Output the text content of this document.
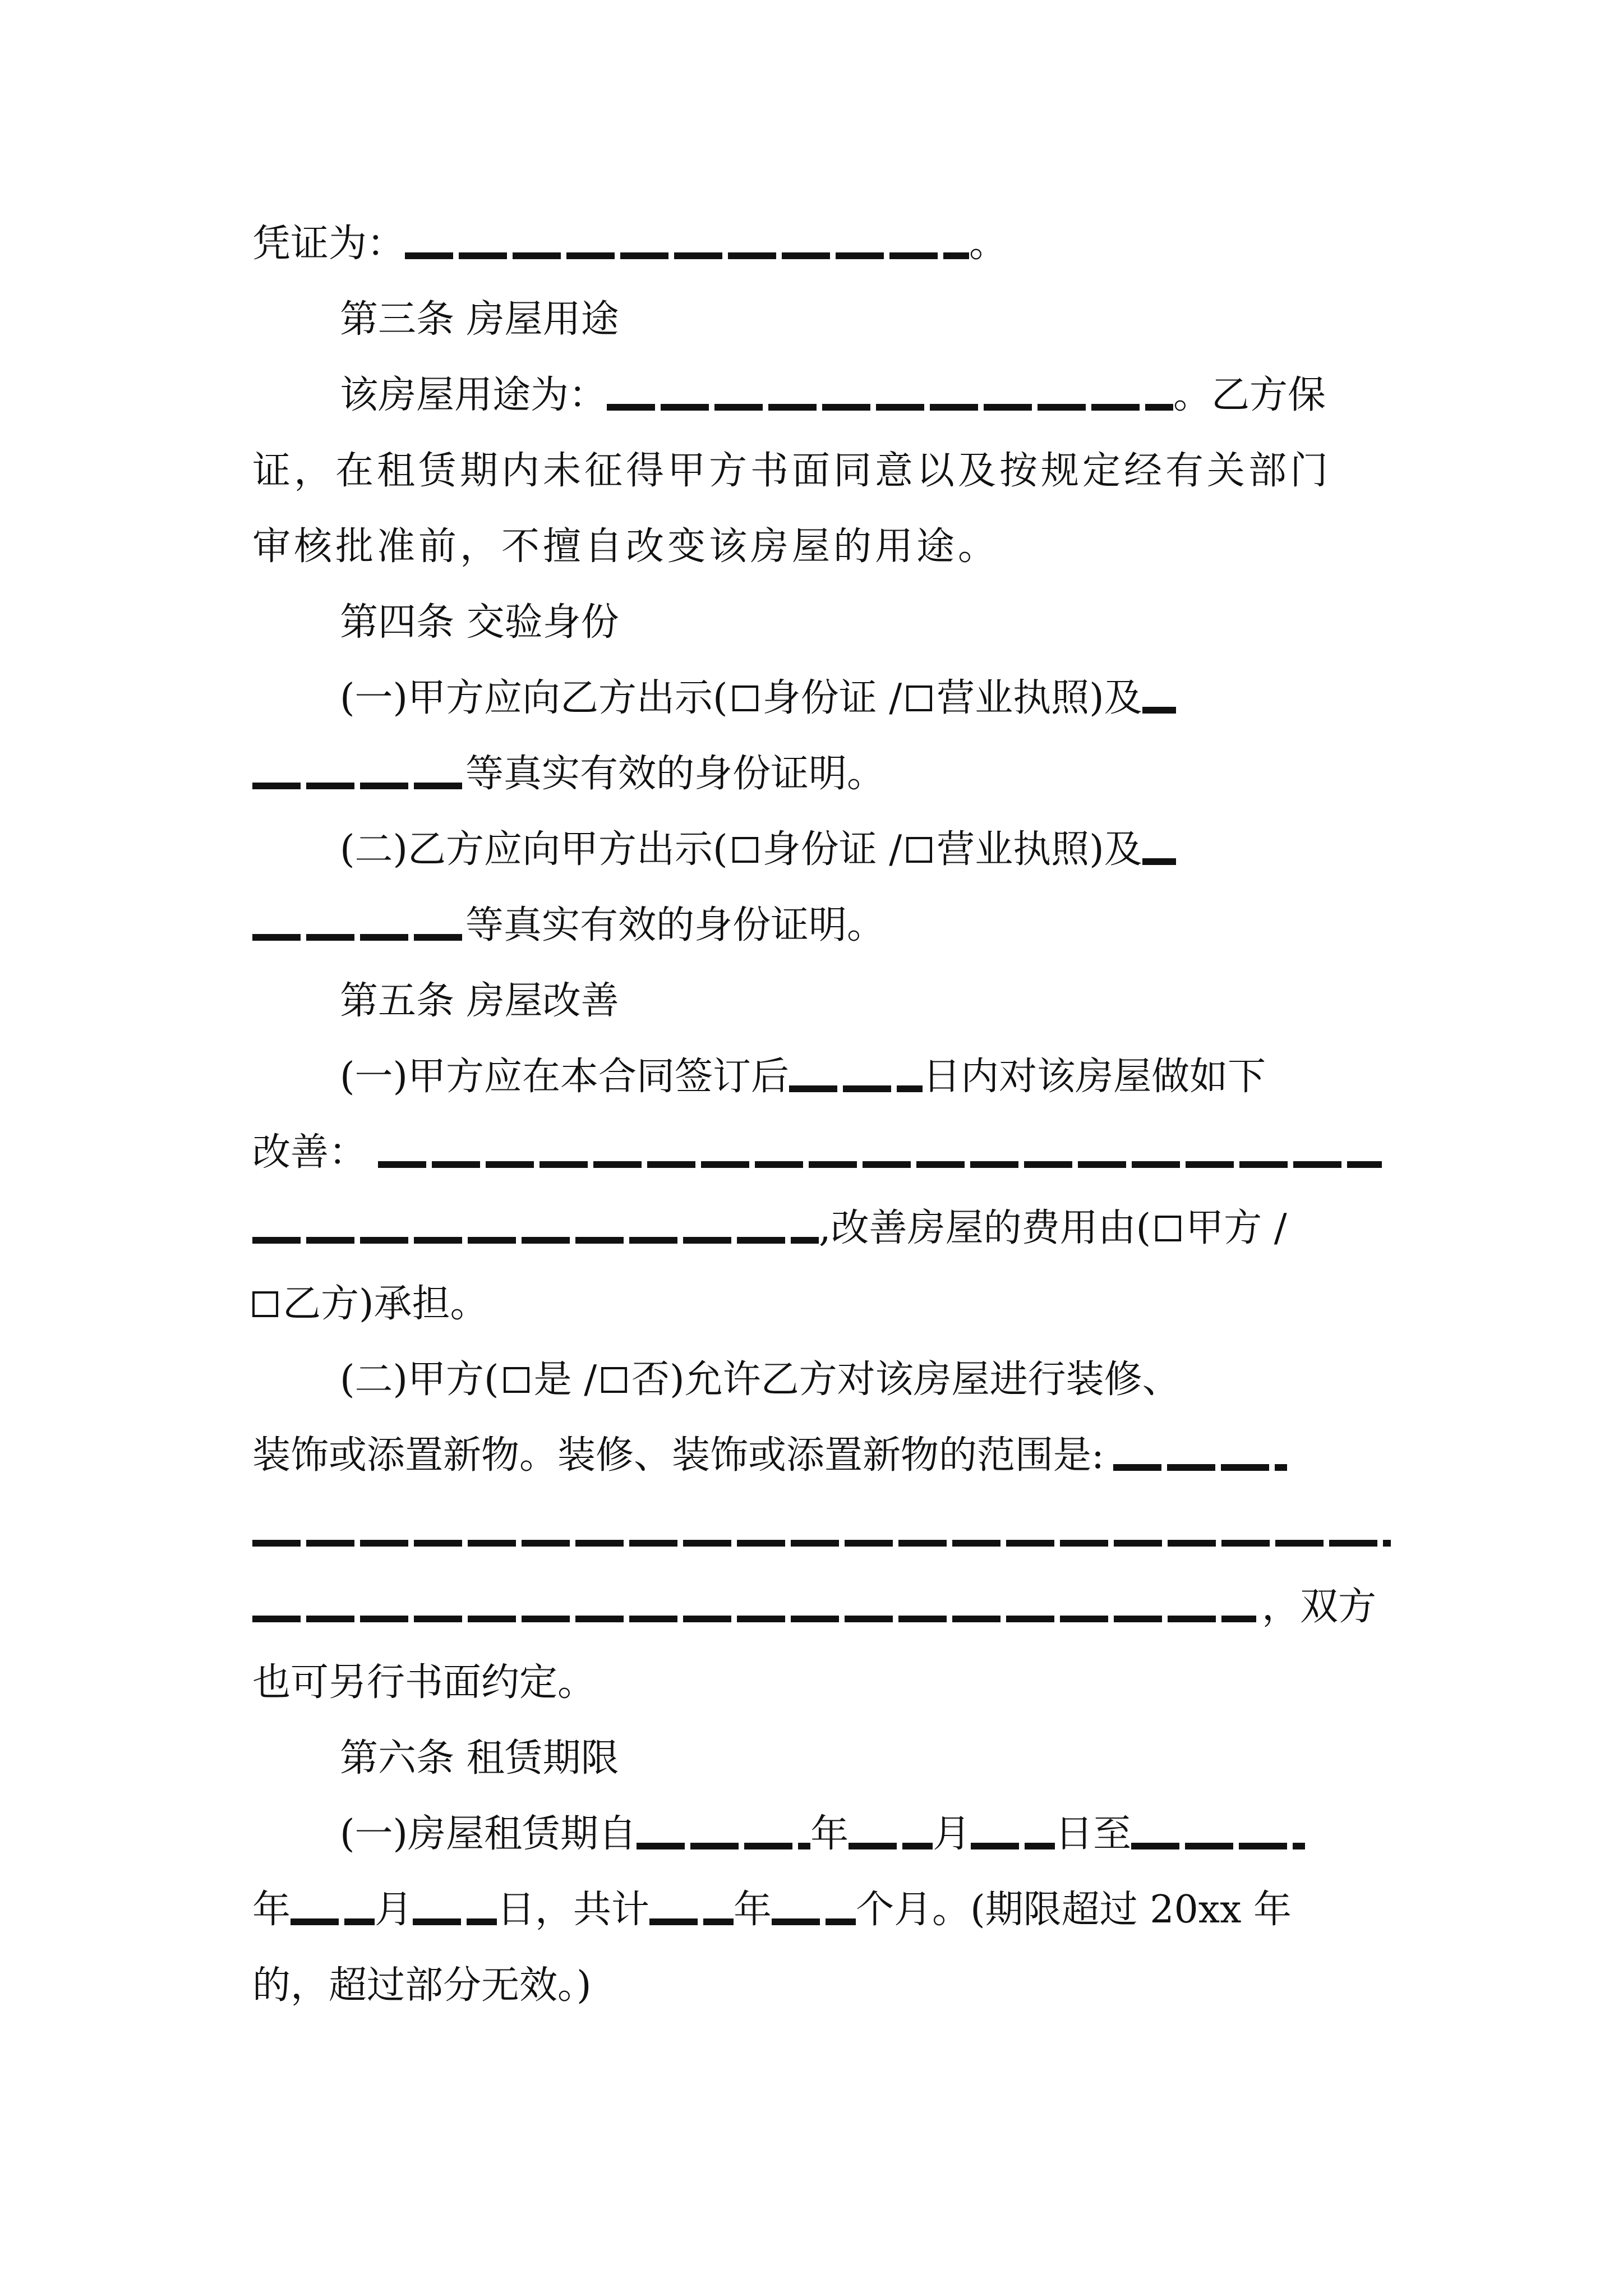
凭证为：	。
第三条 房屋用途
该房屋用途为：	。乙方保
证，在租赁期内未征得甲方书面同意以及按规定经有关部门
审核批准前，不擅自改变该房屋的用途。
第四条 交验身份
(一)甲方应向乙方出示( 身份证 / 营业执照)及
等真实有效的身份证明。
(二)乙方应向甲方出示( 身份证 / 营业执照)及
等真实有效的身份证明。
第五条 房屋改善
(一)甲方应在本合同签订后	日内对该房屋做如下
改善：
,改善房屋的费用由( 甲方 /
乙方)承担。
(二)甲方( 是 / 否)允许乙方对该房屋进行装修、
装饰或添置新物。装修、装饰或添置新物的范围是:
，双方
也可另行书面约定。
第六条 租赁期限
(一)房屋租赁期自	年 月 日至
年 月 日，共计 年 个月。(期限超过 20xx 年
的，超过部分无效。)
